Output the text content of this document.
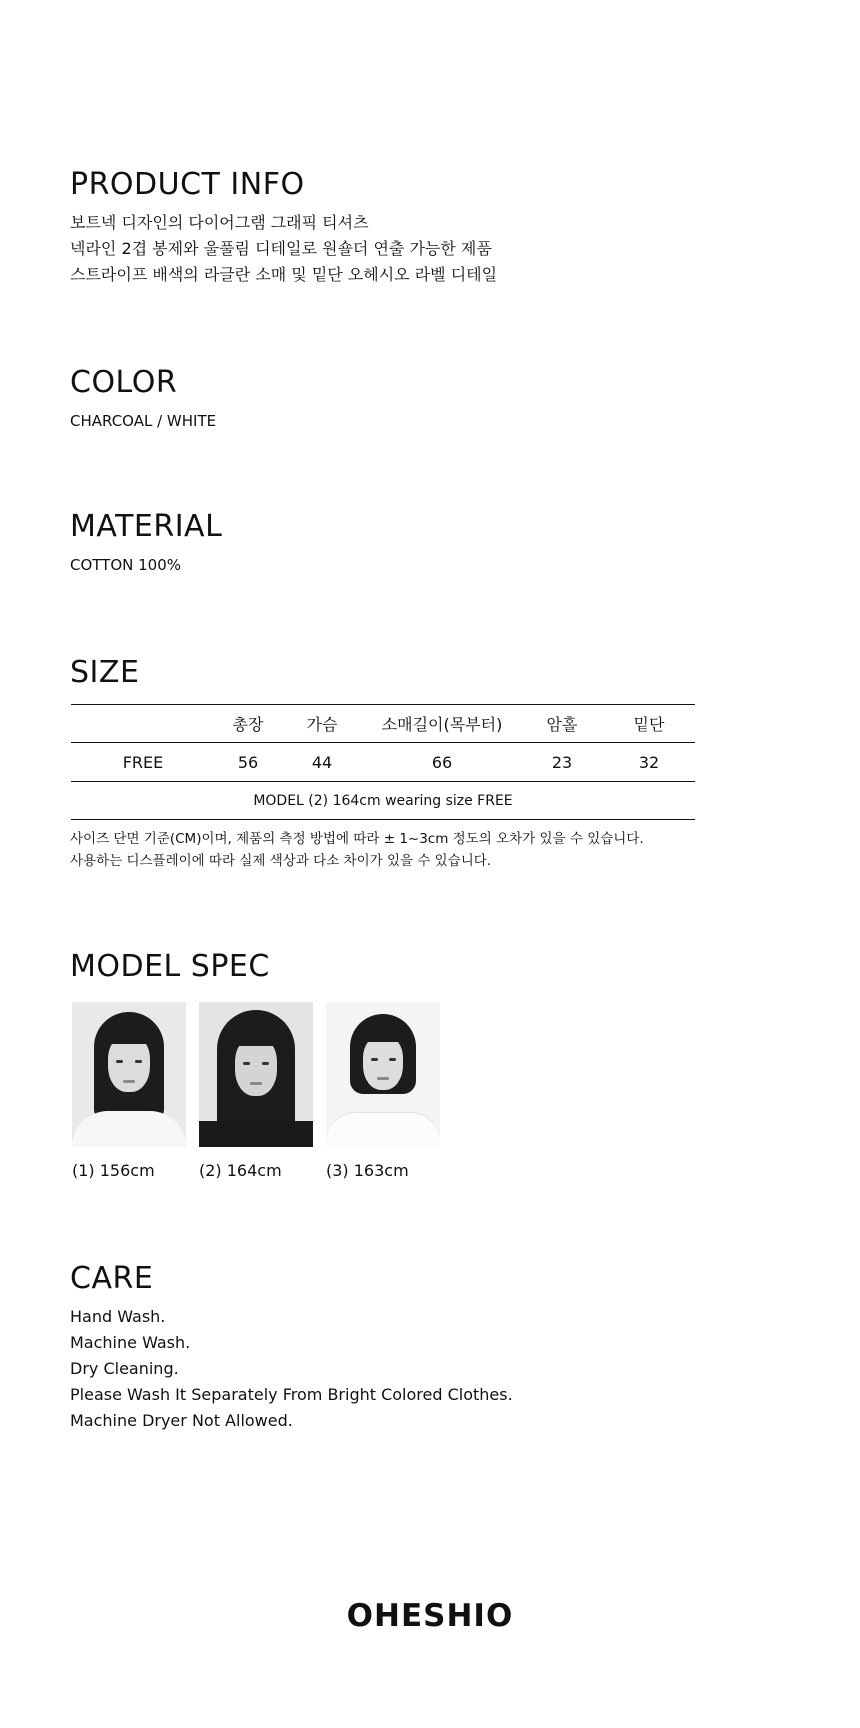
PRODUCT INFO

보트넥 디자인의 다이어그램 그래픽 티셔츠

넥라인 2겹 봉제와 울풀림 디테일로 원숄더 연출 가능한 제품

스트라이프 배색의 라글란 소매 및 밑단 오헤시오 라벨 디테일

COLOR

CHARCOAL / WHITE

MATERIAL

COTTON 100%

SIZE
	총장	가슴	소매길이(목부터)	암홀	밑단
FREE	56	44	66	23	32
MODEL (2) 164cm wearing size FREE					

사이즈 단면 기준(CM)이며, 제품의 측정 방법에 따라 ± 1~3cm 정도의 오차가 있을 수 있습니다.

사용하는 디스플레이에 따라 실제 색상과 다소 차이가 있을 수 있습니다.

MODEL SPEC
(1) 156cm	(2) 164cm	(3) 163cm
CARE

Hand Wash.

Machine Wash.

Dry Cleaning.

Please Wash It Separately From Bright Colored Clothes.

Machine Dryer Not Allowed.

OHESHIO
